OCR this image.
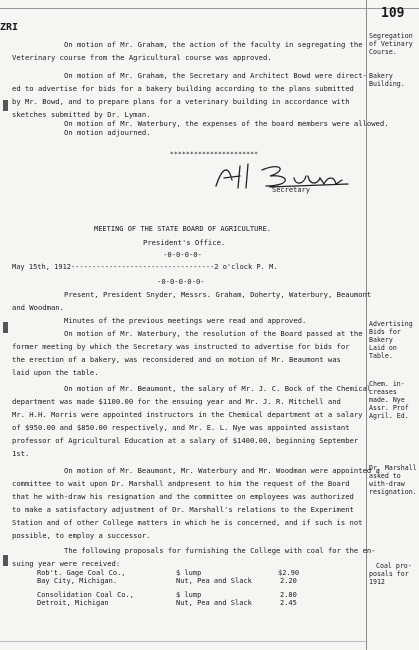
ZRI
109
On motion of Mr. Graham, the action of the faculty in segregating the
Veterinary course from the Agricultural course was approved.
On motion of Mr. Graham, the Secretary and Architect Bowd were direct-
ed to advertise for bids for a bakery building according to the plans submitted
by Mr. Bowd, and to prepare plans for a veterinary building in accordance with
sketches submitted by Dr. Lyman.
On motion of Mr. Waterbury, the expenses of the board members were allowed.
On motion adjourned.
**********************
Secretary
MEETING OF THE STATE BOARD OF AGRICULTURE.
President's Office.
-0-0-0-0-
May 15th, 1912----------------------------------2 o'clock P. M.
-0-0-0-0-0-
Present, President Snyder, Messrs. Graham, Doherty, Waterbury, Beaumont
and Woodman.
Minutes of the previous meetings were read and approved.
On motion of Mr. Waterbury, the resolution of the Board passed at the
former meeting by which the Secretary was instructed to advertise for bids for
the erection of a bakery, was reconsidered and on motion of Mr. Beaumont was
laid upon the table.
On motion of Mr. Beaumont, the salary of Mr. J. C. Bock of the Chemical
department was made $1100.00 for the ensuing year and Mr. J. R. Mitchell and
Mr. H.H. Morris were appointed instructors in the Chemical department at a salary
of $950.00 and $850.00 respectively, and Mr. E. L. Nye was appointed assistant
professor of Agricultural Education at a salary of $1400.00, beginning September
1st.
On motion of Mr. Beaumont, Mr. Waterbury and Mr. Woodman were appointed a
committee to wait upon Dr. Marshall andpresent to him the request of the Board
that he with-draw his resignation and the committee on employees was authorized
to make a satisfactory adjustment of Dr. Marshall's relations to the Experiment
Station and of other College matters in which he is concerned, and if such is not
possible, to employ a successor.
The following proposals for furnishing the College with coal for the en-
suing year were received:
Rob't. Gage Coal Co.,
Bay City, Michigan.
$ lump
Nut, Pea and Slack
$2.90
2.20
Consolidation Coal Co.,
Detroit, Michigan
$ lump
Nut, Pea and Slack
2.80
2.45
Segregation
of Vetinary
Course.
Bakery
Building.
Advertising
Bids for
Bakery
Laid on
Table.
Chem. in-
creases
made. Nye
Assr. Prof
Agril. Ed.
Dr. Marshall
asked to
with-draw
resignation.
Coal pro-
posals for
1912
